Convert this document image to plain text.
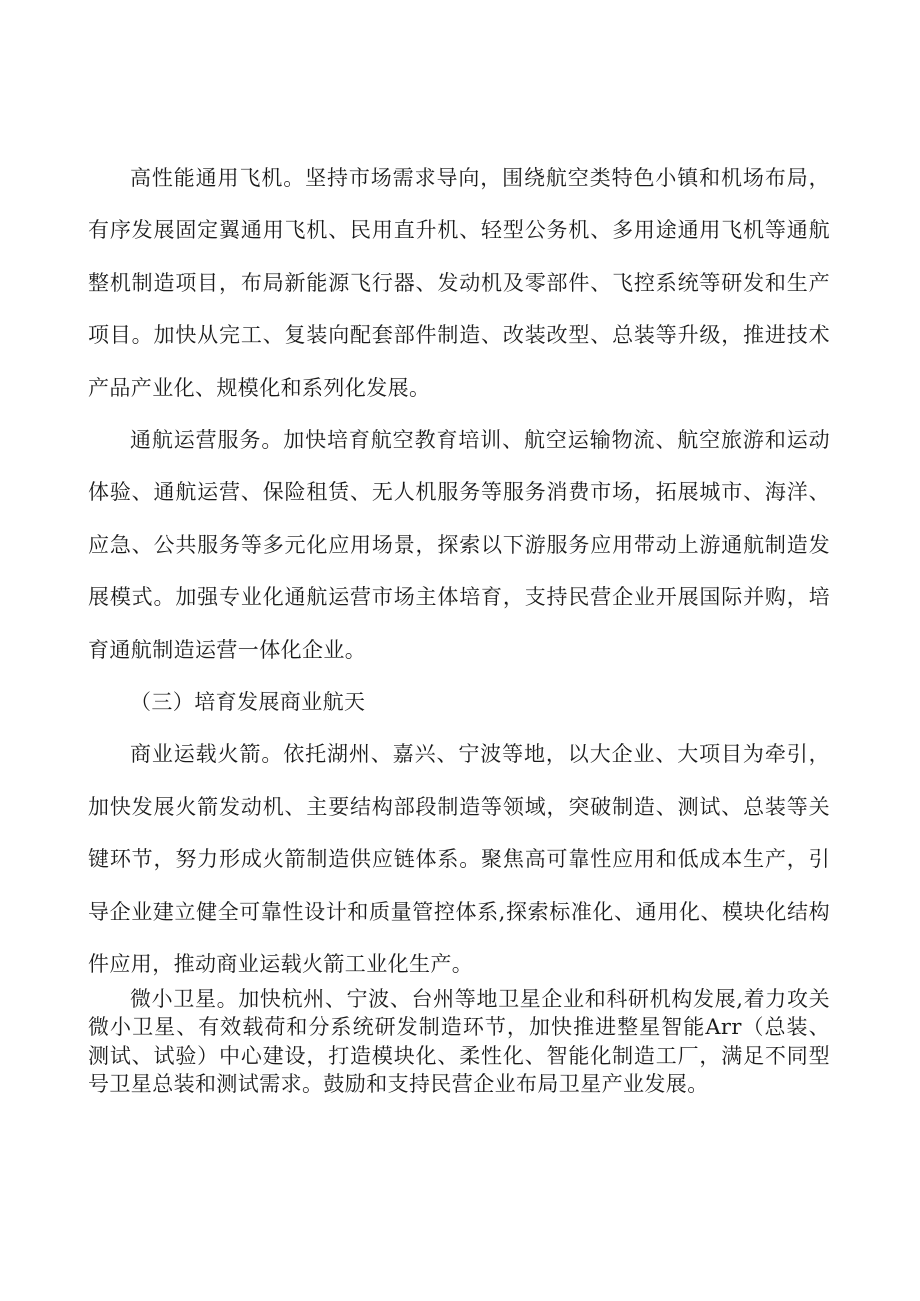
高性能通用飞机。坚持市场需求导向，围绕航空类特色小镇和机场布局，有序发展固定翼通用飞机、民用直升机、轻型公务机、多用途通用飞机等通航整机制造项目，布局新能源飞行器、发动机及零部件、飞控系统等研发和生产项目。加快从完工、复装向配套部件制造、改装改型、总装等升级，推进技术产品产业化、规模化和系列化发展。

通航运营服务。加快培育航空教育培训、航空运输物流、航空旅游和运动体验、通航运营、保险租赁、无人机服务等服务消费市场，拓展城市、海洋、应急、公共服务等多元化应用场景，探索以下游服务应用带动上游通航制造发展模式。加强专业化通航运营市场主体培育，支持民营企业开展国际并购，培育通航制造运营一体化企业。

（三）培育发展商业航天

商业运载火箭。依托湖州、嘉兴、宁波等地，以大企业、大项目为牵引，加快发展火箭发动机、主要结构部段制造等领域，突破制造、测试、总装等关键环节，努力形成火箭制造供应链体系。聚焦高可靠性应用和低成本生产，引导企业建立健全可靠性设计和质量管控体系,探索标准化、通用化、模块化结构件应用，推动商业运载火箭工业化生产。

微小卫星。加快杭州、宁波、台州等地卫星企业和科研机构发展,着力攻关微小卫星、有效载荷和分系统研发制造环节，加快推进整星智能Arr（总装、测试、试验）中心建设，打造模块化、柔性化、智能化制造工厂，满足不同型号卫星总装和测试需求。鼓励和支持民营企业布局卫星产业发展。
